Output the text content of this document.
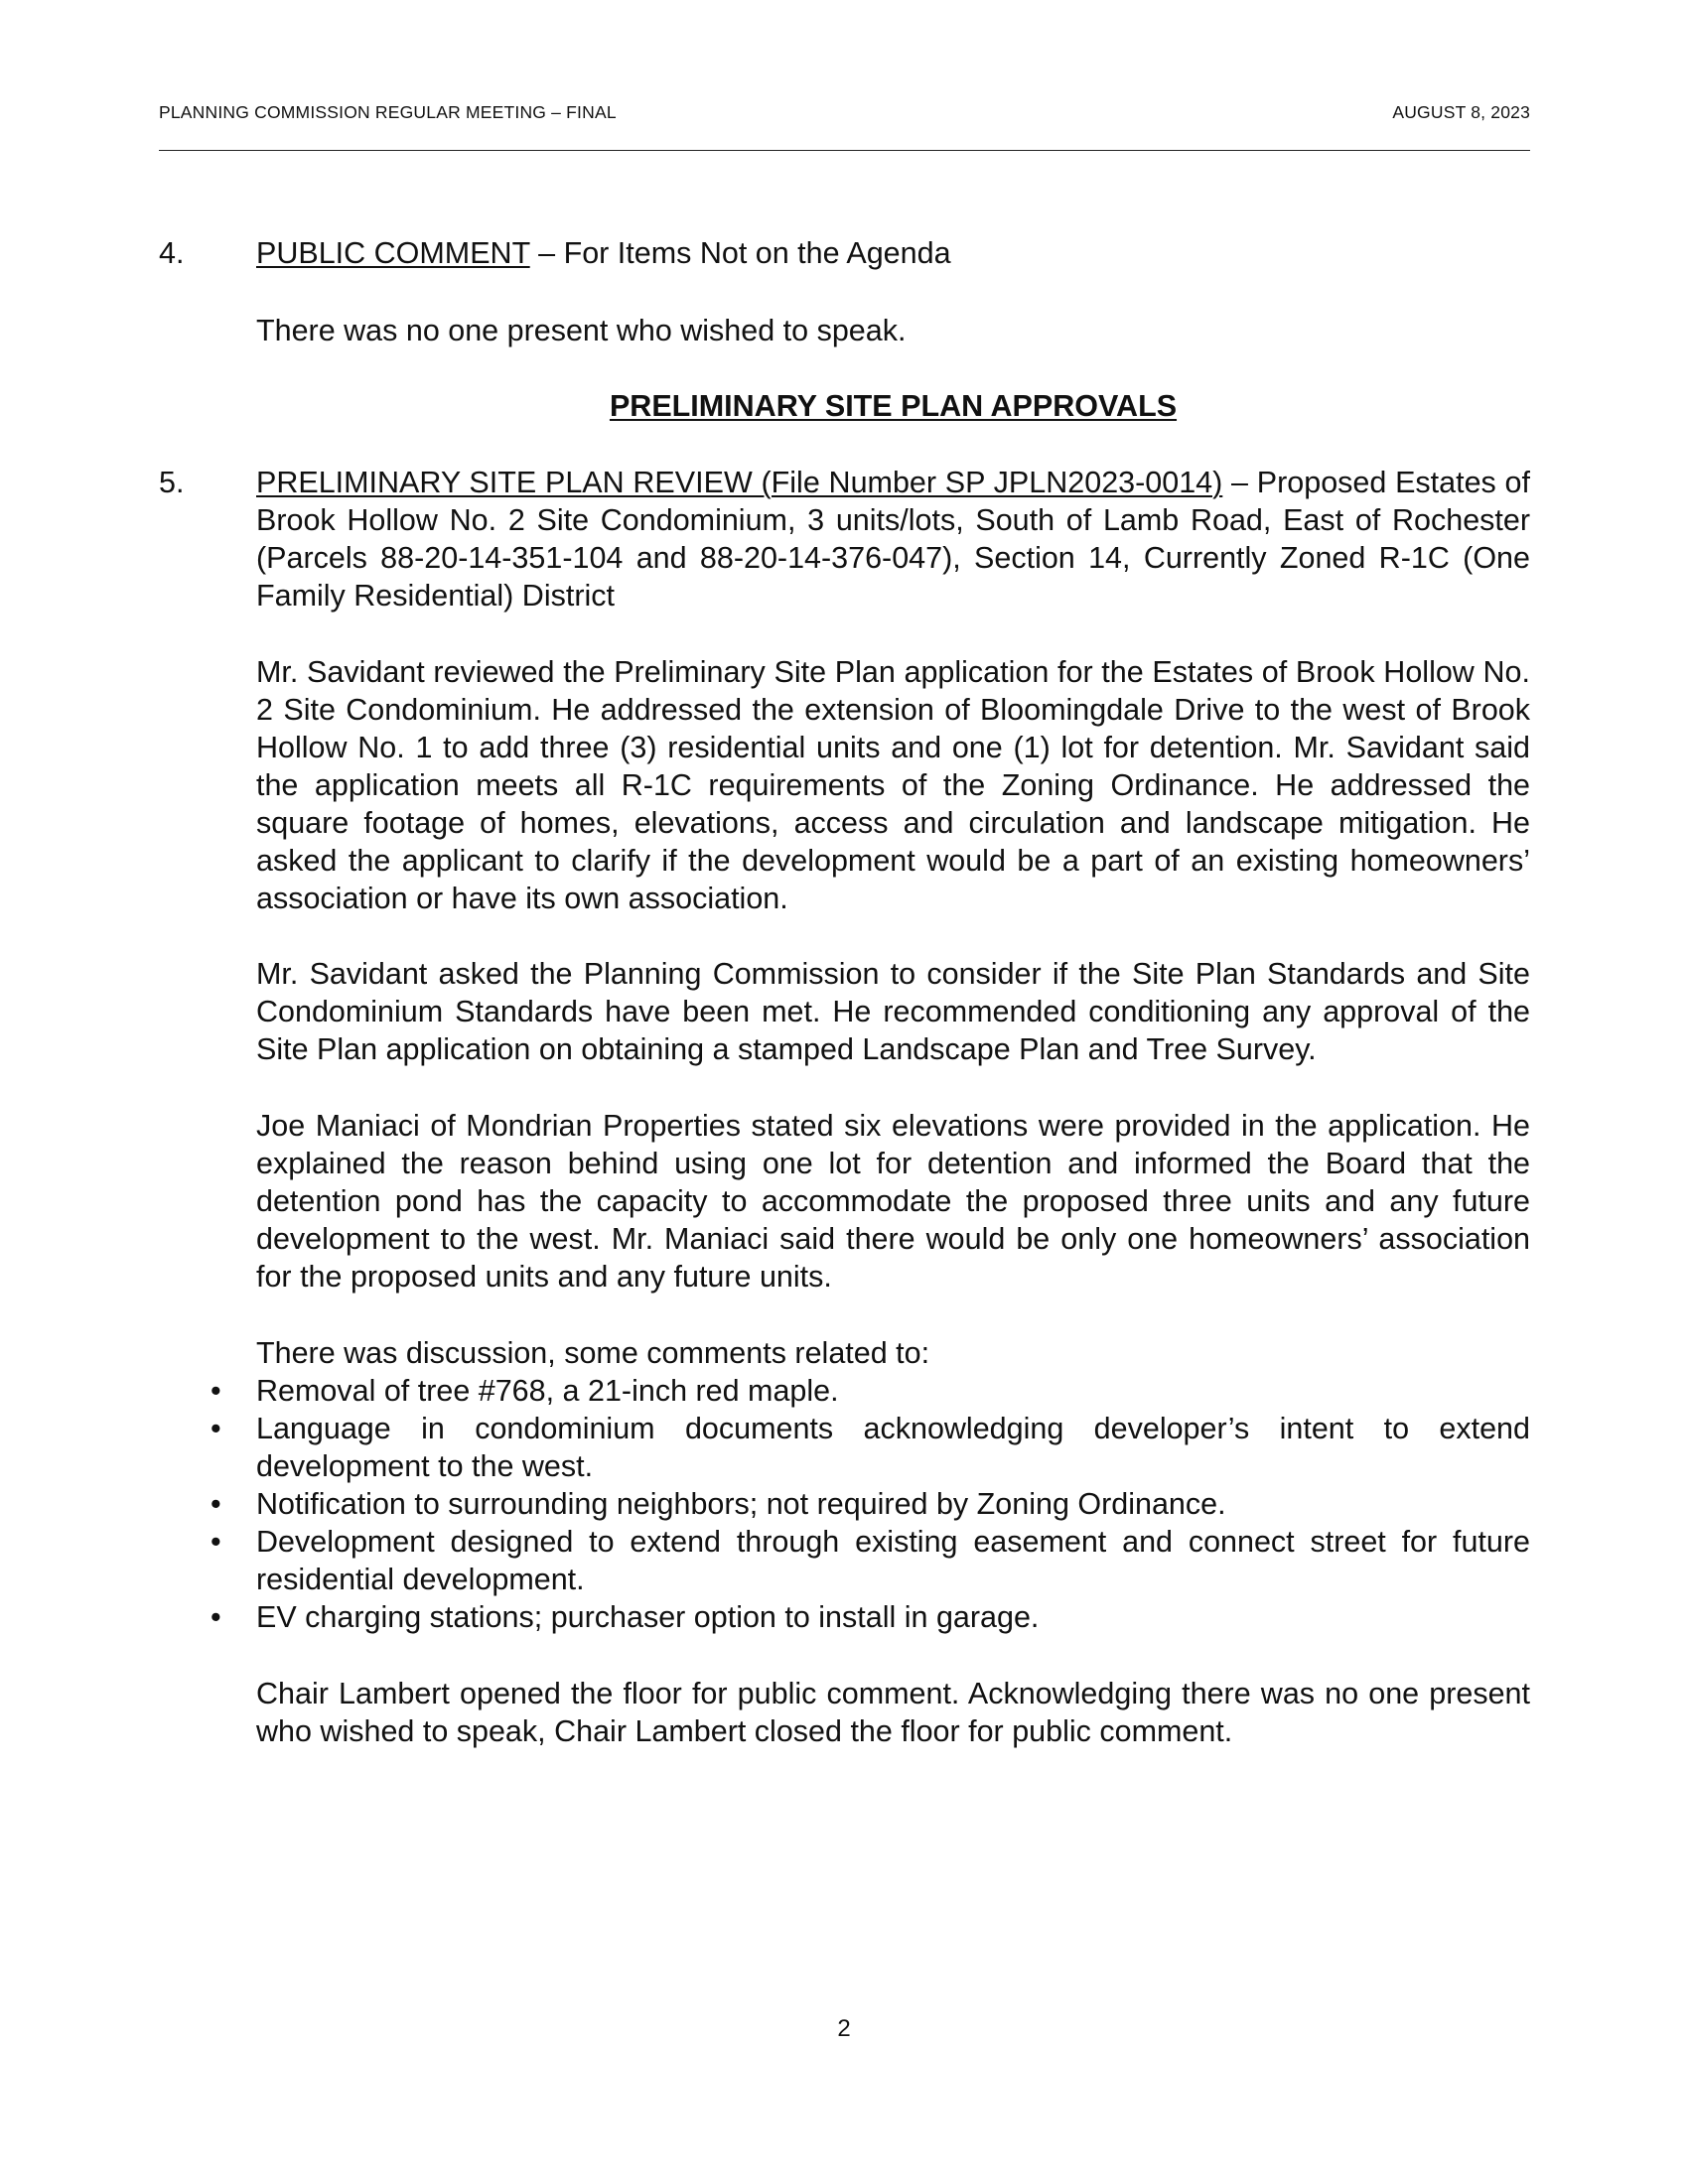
PLANNING COMMISSION REGULAR MEETING – FINAL	AUGUST 8, 2023
4. PUBLIC COMMENT – For Items Not on the Agenda
There was no one present who wished to speak.
PRELIMINARY SITE PLAN APPROVALS
5. PRELIMINARY SITE PLAN REVIEW (File Number SP JPLN2023-0014) – Proposed Estates of Brook Hollow No. 2 Site Condominium, 3 units/lots, South of Lamb Road, East of Rochester (Parcels 88-20-14-351-104 and 88-20-14-376-047), Section 14, Currently Zoned R-1C (One Family Residential) District
Mr. Savidant reviewed the Preliminary Site Plan application for the Estates of Brook Hollow No. 2 Site Condominium. He addressed the extension of Bloomingdale Drive to the west of Brook Hollow No. 1 to add three (3) residential units and one (1) lot for detention. Mr. Savidant said the application meets all R-1C requirements of the Zoning Ordinance. He addressed the square footage of homes, elevations, access and circulation and landscape mitigation. He asked the applicant to clarify if the development would be a part of an existing homeowners’ association or have its own association.
Mr. Savidant asked the Planning Commission to consider if the Site Plan Standards and Site Condominium Standards have been met. He recommended conditioning any approval of the Site Plan application on obtaining a stamped Landscape Plan and Tree Survey.
Joe Maniaci of Mondrian Properties stated six elevations were provided in the application. He explained the reason behind using one lot for detention and informed the Board that the detention pond has the capacity to accommodate the proposed three units and any future development to the west. Mr. Maniaci said there would be only one homeowners’ association for the proposed units and any future units.
There was discussion, some comments related to:
• Removal of tree #768, a 21-inch red maple.
• Language in condominium documents acknowledging developer’s intent to extend development to the west.
• Notification to surrounding neighbors; not required by Zoning Ordinance.
• Development designed to extend through existing easement and connect street for future residential development.
• EV charging stations; purchaser option to install in garage.
Chair Lambert opened the floor for public comment. Acknowledging there was no one present who wished to speak, Chair Lambert closed the floor for public comment.
2
